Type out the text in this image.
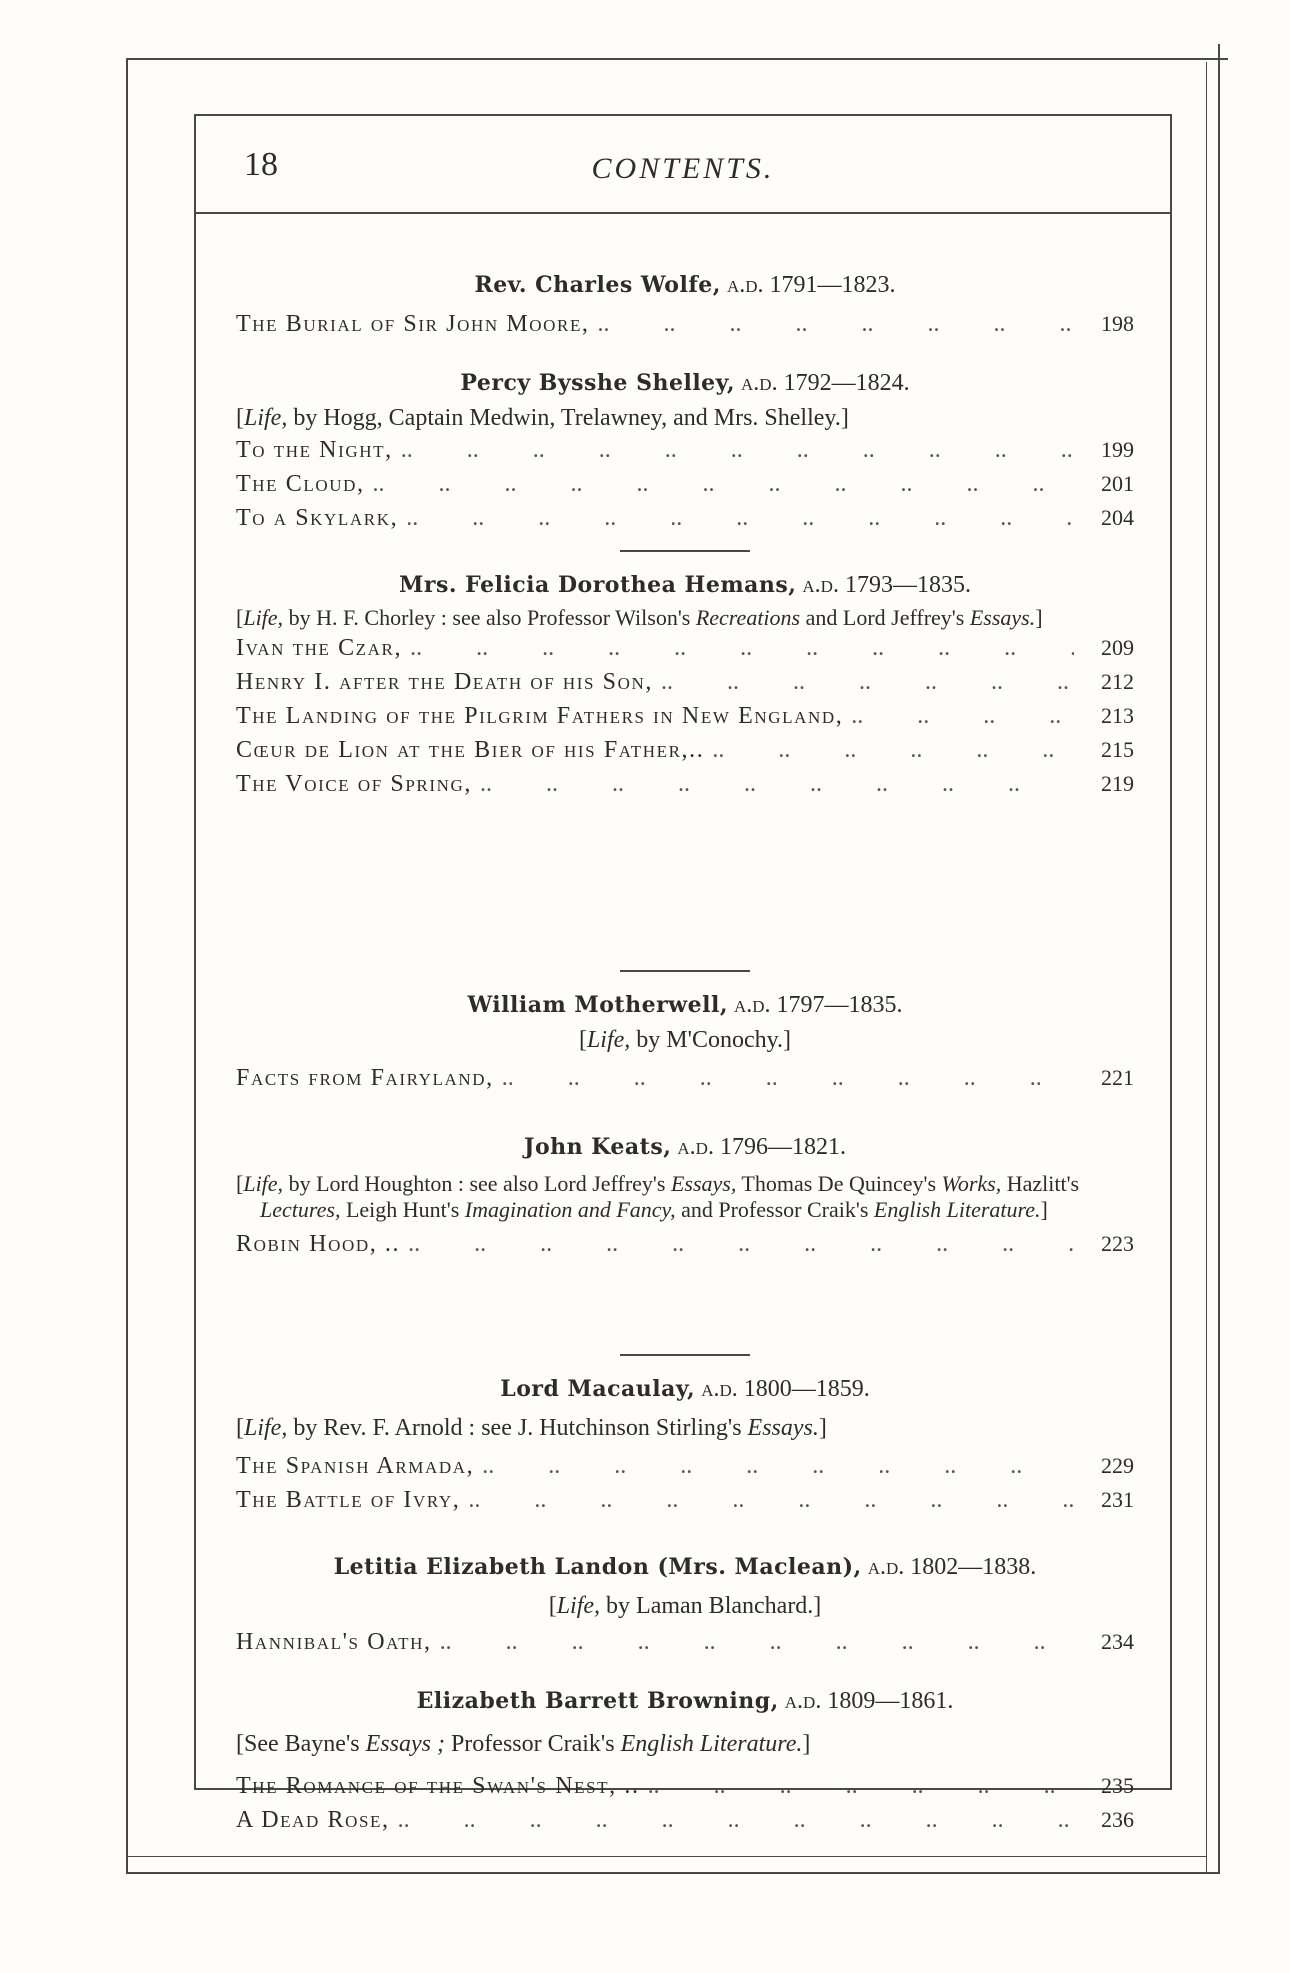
18	CONTENTS.

Rev. Charles Wolfe, a.d. 1791—1823.

The Burial of Sir John Moore, .. ..	198

Percy Bysshe Shelley, a.d. 1792—1824.

[Life, by Hogg, Captain Medwin, Trelawney, and Mrs. Shelley.]

To the Night, .. ..	199
The Cloud, .. ..	201
To a Skylark, .. ..	204

Mrs. Felicia Dorothea Hemans, a.d. 1793—1835.

[Life, by H. F. Chorley : see also Professor Wilson's Recreations and Lord Jeffrey's Essays.]

Ivan the Czar, .. ..	209
Henry I. after the Death of his Son, .. ..	212
The Landing of the Pilgrim Fathers in New England, .. ..	213
Cœur de Lion at the Bier of his Father,.. .. ..	215
The Voice of Spring, .. ..	219

William Motherwell, a.d. 1797—1835.

[Life, by M'Conochy.]

Facts from Fairyland, .. ..	221

John Keats, a.d. 1796—1821.

[Life, by Lord Houghton : see also Lord Jeffrey's Essays, Thomas De Quincey's Works, Hazlitt's Lectures, Leigh Hunt's Imagination and Fancy, and Professor Craik's English Literature.]

Robin Hood, .. .. ..	223

Lord Macaulay, a.d. 1800—1859.

[Life, by Rev. F. Arnold : see J. Hutchinson Stirling's Essays.]

The Spanish Armada, .. ..	229
The Battle of Ivry, .. ..	231

Letitia Elizabeth Landon (Mrs. Maclean), a.d. 1802—1838.

[Life, by Laman Blanchard.]

Hannibal's Oath, .. ..	234

Elizabeth Barrett Browning, a.d. 1809—1861.

[See Bayne's Essays ; Professor Craik's English Literature.]

The Romance of the Swan's Nest, .. .. ..	235
A Dead Rose, .. ..	236
